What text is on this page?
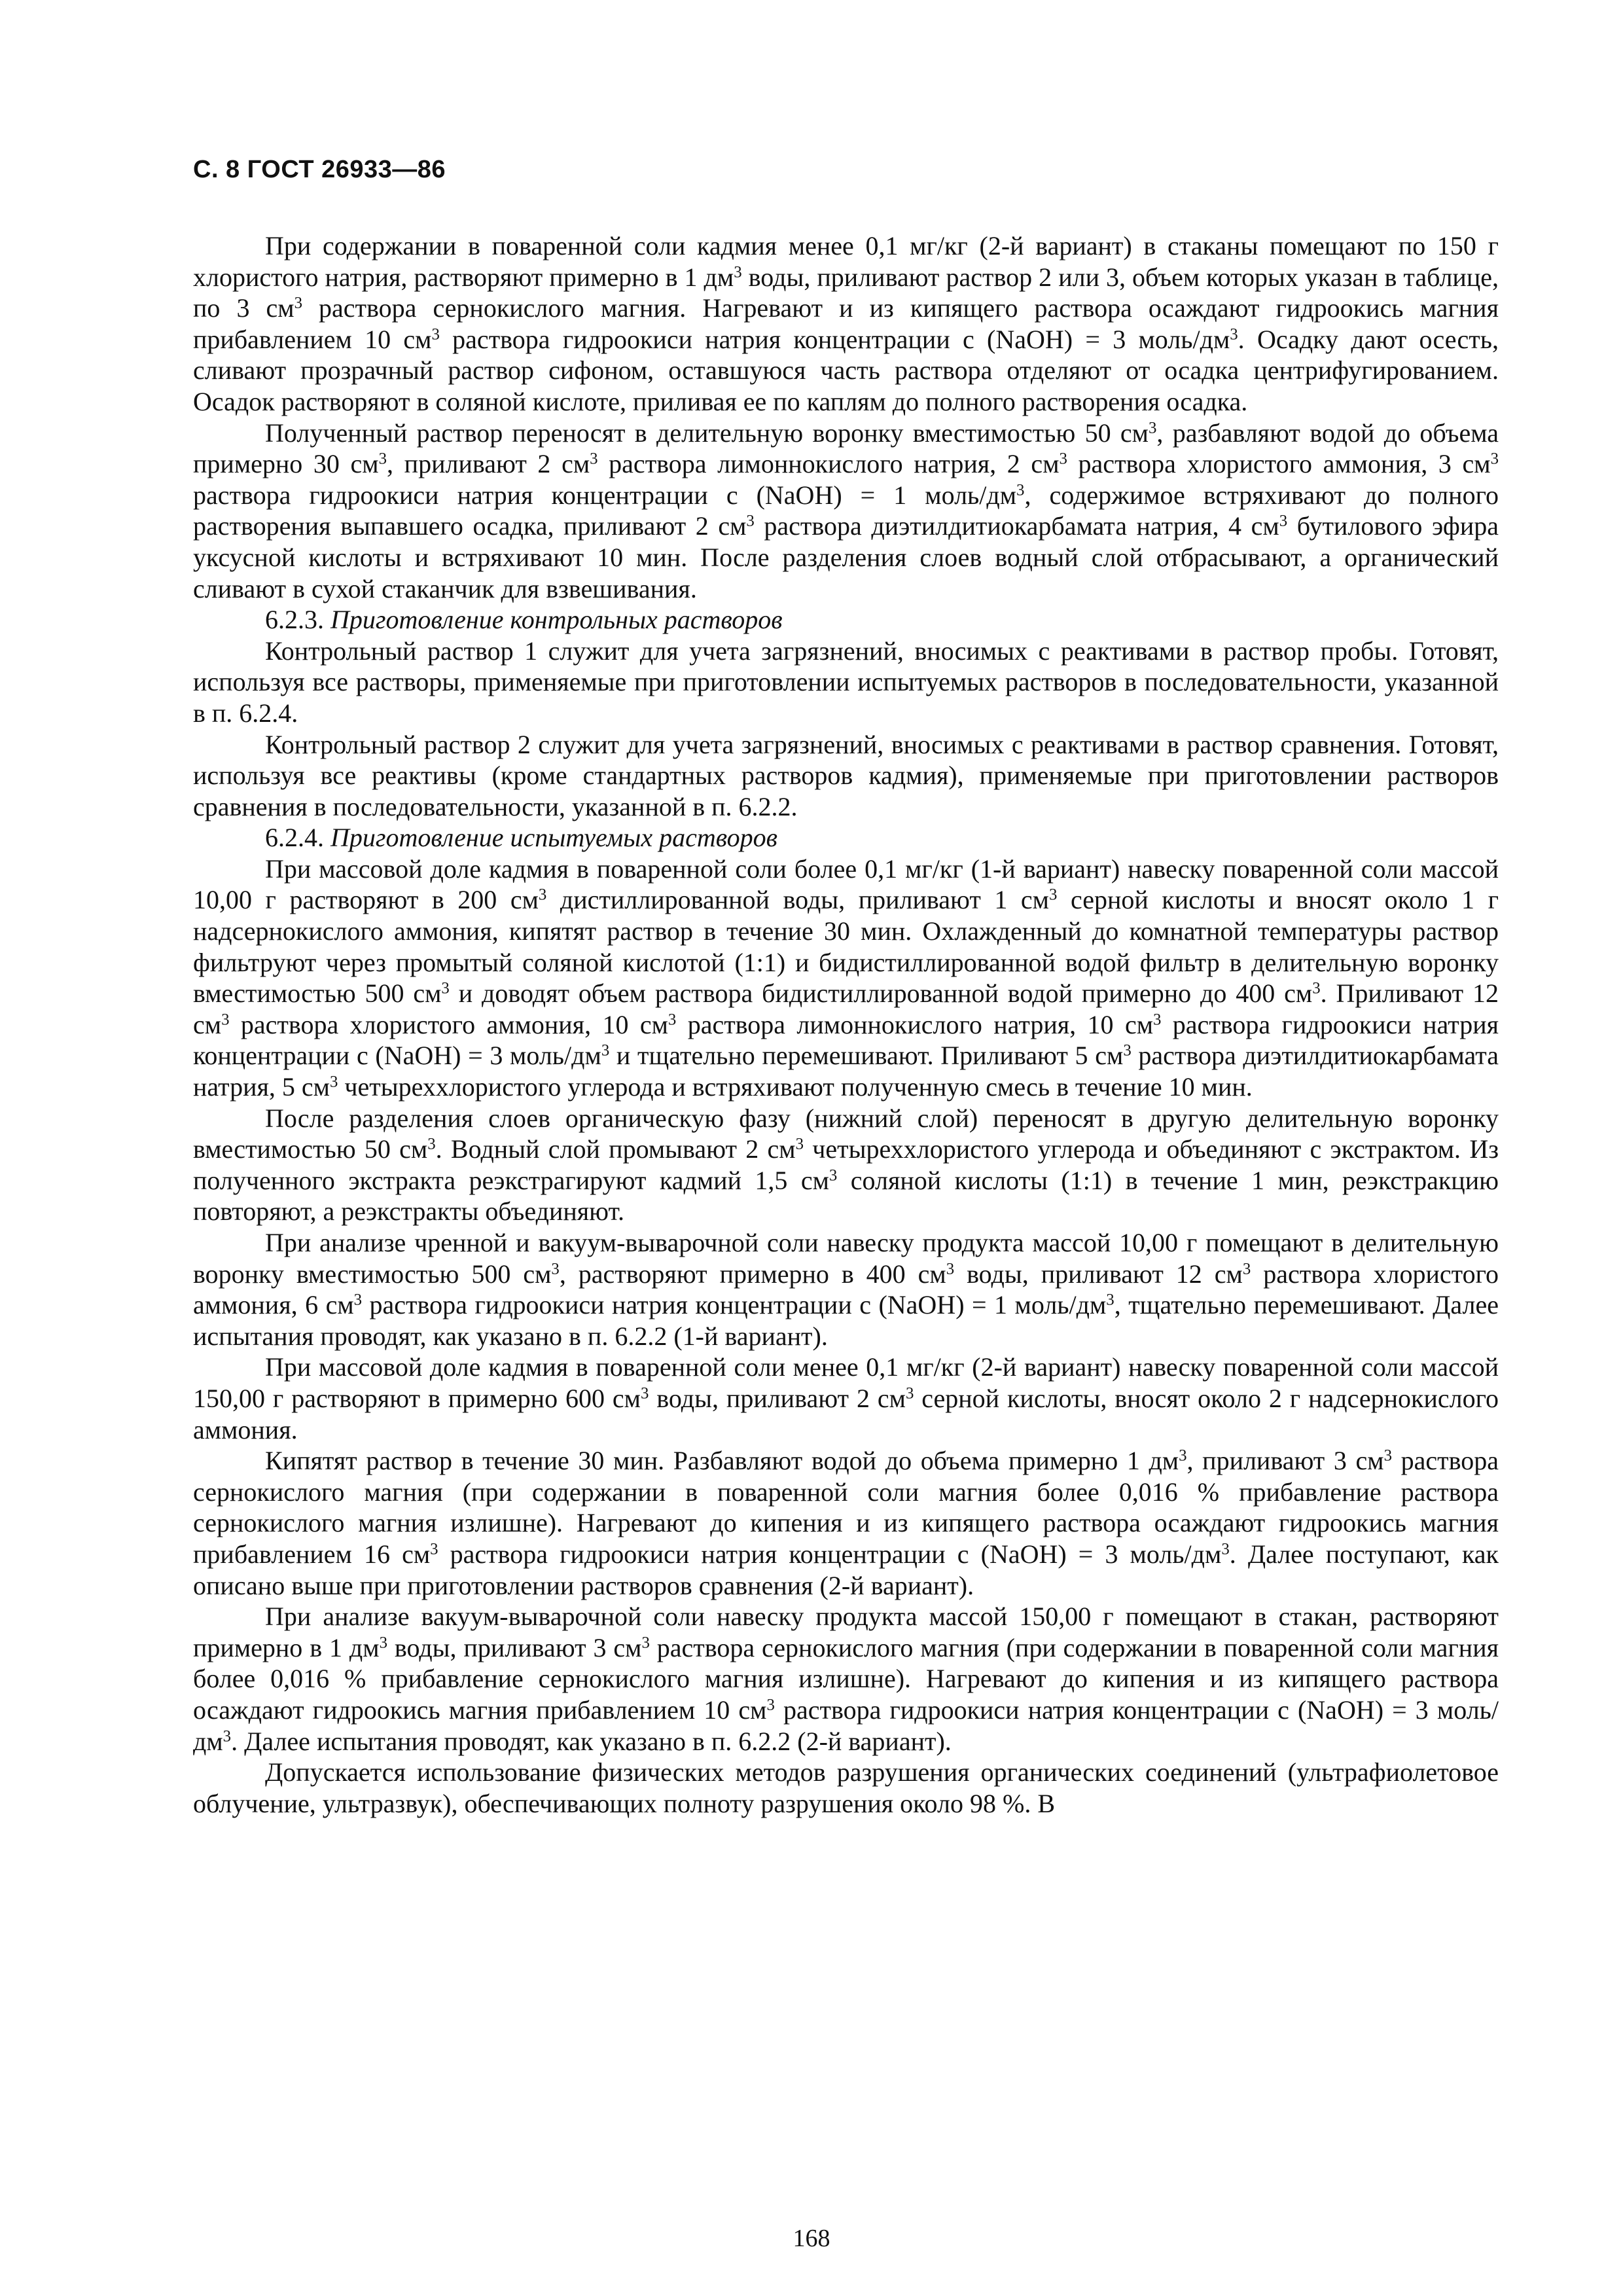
С. 8 ГОСТ 26933—86

При содержании в поваренной соли кадмия менее 0,1 мг/кг (2-й вариант) в стаканы помещают по 150 г хлористого натрия, растворяют примерно в 1 $дм^3$ воды, приливают раствор 2 или 3, объем которых указан в таблице, по 3 $см^3$ раствора сернокислого магния. Нагревают и из кипящего раствора осаждают гидроокись магния прибавлением 10 $см^3$ раствора гидроокиси натрия концентрации c (NaOH) = 3 моль/$дм^3$. Осадку дают осесть, сливают прозрачный раствор сифоном, оставшуюся часть раствора отделяют от осадка центрифугированием. Осадок растворяют в соляной кислоте, приливая ее по каплям до полного растворения осадка.

Полученный раствор переносят в делительную воронку вместимостью 50 $см^3$, разбавляют водой до объема примерно 30 $см^3$, приливают 2 $см^3$ раствора лимоннокислого натрия, 2 $см^3$ раствора хлористого аммония, 3 $см^3$ раствора гидроокиси натрия концентрации c (NaOH) = 1 моль/$дм^3$, содержимое встряхивают до полного растворения выпавшего осадка, приливают 2 $см^3$ раствора диэтилдитиокарбамата натрия, 4 $см^3$ бутилового эфира уксусной кислоты и встряхивают 10 мин. После разделения слоев водный слой отбрасывают, а органический сливают в сухой стаканчик для взвешивания.

6.2.3. Приготовление контрольных растворов

Контрольный раствор 1 служит для учета загрязнений, вносимых с реактивами в раствор пробы. Готовят, используя все растворы, применяемые при приготовлении испытуемых растворов в последовательности, указанной в п. 6.2.4.

Контрольный раствор 2 служит для учета загрязнений, вносимых с реактивами в раствор сравнения. Готовят, используя все реактивы (кроме стандартных растворов кадмия), применяемые при приготовлении растворов сравнения в последовательности, указанной в п. 6.2.2.

6.2.4. Приготовление испытуемых растворов

При массовой доле кадмия в поваренной соли более 0,1 мг/кг (1-й вариант) навеску поваренной соли массой 10,00 г растворяют в 200 $см^3$ дистиллированной воды, приливают 1 $см^3$ серной кислоты и вносят около 1 г надсернокислого аммония, кипятят раствор в течение 30 мин. Охлажденный до комнатной температуры раствор фильтруют через промытый соляной кислотой (1:1) и бидистиллированной водой фильтр в делительную воронку вместимостью 500 $см^3$ и доводят объем раствора бидистиллированной водой примерно до 400 $см^3$. Приливают 12 $см^3$ раствора хлористого аммония, 10 $см^3$ раствора лимоннокислого натрия, 10 $см^3$ раствора гидроокиси натрия концентрации c (NaOH) = 3 моль/$дм^3$ и тщательно перемешивают. Приливают 5 $см^3$ раствора диэтилдитиокарбамата натрия, 5 $см^3$ четыреххлористого углерода и встряхивают полученную смесь в течение 10 мин.

После разделения слоев органическую фазу (нижний слой) переносят в другую делительную воронку вместимостью 50 $см^3$. Водный слой промывают 2 $см^3$ четыреххлористого углерода и объединяют с экстрактом. Из полученного экстракта реэкстрагируют кадмий 1,5 $см^3$ соляной кислоты (1:1) в течение 1 мин, реэкстракцию повторяют, а реэкстракты объединяют.

При анализе чренной и вакуум-выварочной соли навеску продукта массой 10,00 г помещают в делительную воронку вместимостью 500 $см^3$, растворяют примерно в 400 $см^3$ воды, приливают 12 $см^3$ раствора хлористого аммония, 6 $см^3$ раствора гидроокиси натрия концентрации c (NaOH) = 1 моль/$дм^3$, тщательно перемешивают. Далее испытания проводят, как указано в п. 6.2.2 (1-й вариант).

При массовой доле кадмия в поваренной соли менее 0,1 мг/кг (2-й вариант) навеску поваренной соли массой 150,00 г растворяют в примерно 600 $см^3$ воды, приливают 2 $см^3$ серной кислоты, вносят около 2 г надсернокислого аммония.

Кипятят раствор в течение 30 мин. Разбавляют водой до объема примерно 1 $дм^3$, приливают 3 $см^3$ раствора сернокислого магния (при содержании в поваренной соли магния более 0,016 % прибавление раствора сернокислого магния излишне). Нагревают до кипения и из кипящего раствора осаждают гидроокись магния прибавлением 16 $см^3$ раствора гидроокиси натрия концентрации c (NaOH) = 3 моль/$дм^3$. Далее поступают, как описано выше при приготовлении растворов сравнения (2-й вариант).

При анализе вакуум-выварочной соли навеску продукта массой 150,00 г помещают в стакан, растворяют примерно в 1 $дм^3$ воды, приливают 3 $см^3$ раствора сернокислого магния (при содержании в поваренной соли магния более 0,016 % прибавление сернокислого магния излишне). Нагревают до кипения и из кипящего раствора осаждают гидроокись магния прибавлением 10 $см^3$ раствора гидроокиси натрия концентрации c (NaOH) = 3 моль/$дм^3$. Далее испытания проводят, как указано в п. 6.2.2 (2-й вариант).

Допускается использование физических методов разрушения органических соединений (ультрафиолетовое облучение, ультразвук), обеспечивающих полноту разрушения около 98 %. В

168
